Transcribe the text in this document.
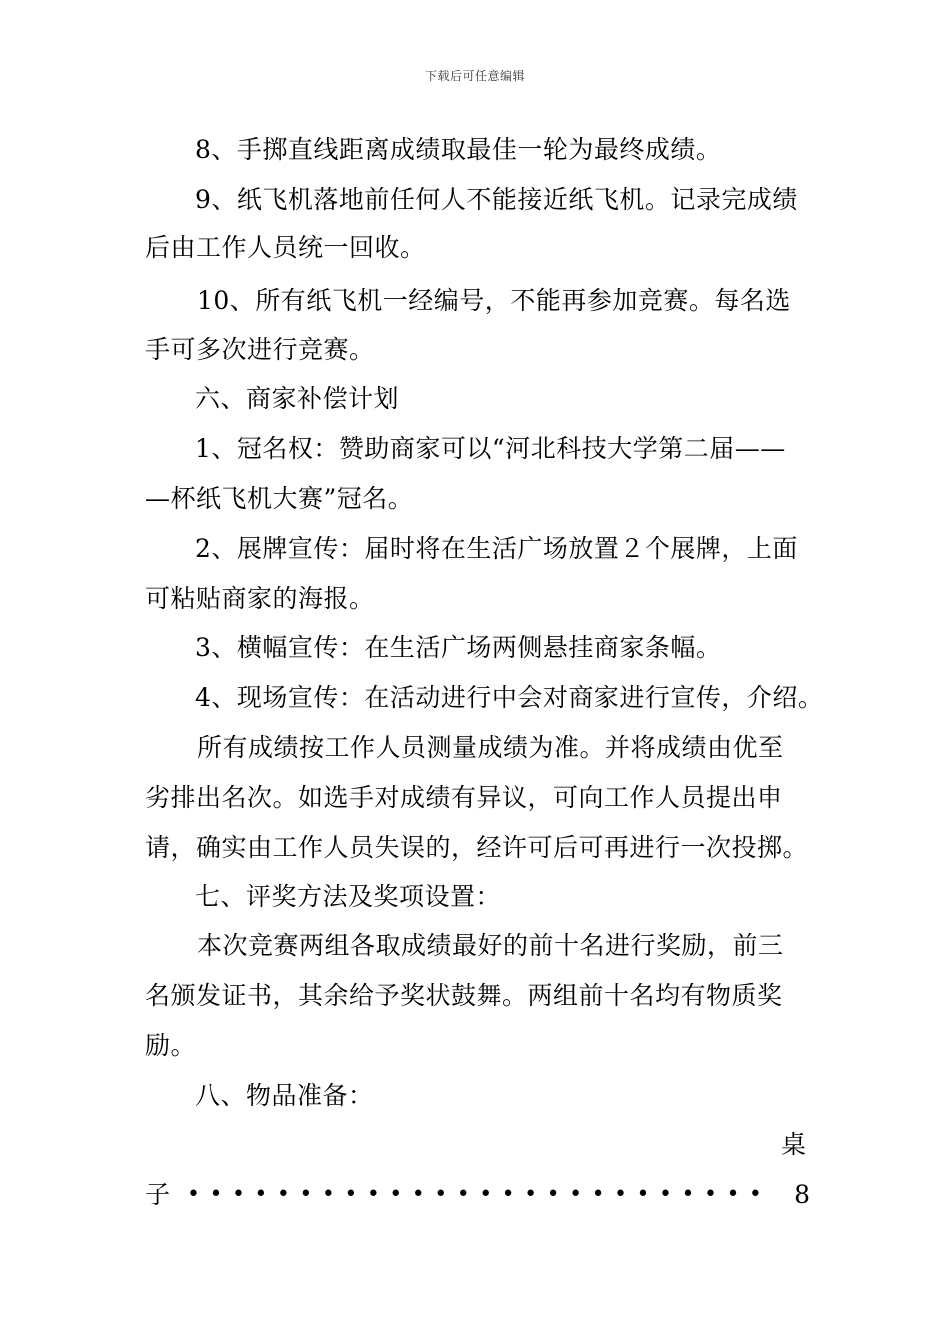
下载后可任意编辑
8、手掷直线距离成绩取最佳一轮为最终成绩。
9、纸飞机落地前任何人不能接近纸飞机。记录完成绩
后由工作人员统一回收。
10、所有纸飞机一经编号，不能再参加竞赛。每名选
手可多次进行竞赛。
六、商家补偿计划
1、冠名权：赞助商家可以“河北科技大学第二届——
—杯纸飞机大赛”冠名。
2、展牌宣传：届时将在生活广场放置２个展牌，上面
可粘贴商家的海报。
3、横幅宣传：在生活广场两侧悬挂商家条幅。
4、现场宣传：在活动进行中会对商家进行宣传，介绍。
所有成绩按工作人员测量成绩为准。并将成绩由优至
劣排出名次。如选手对成绩有异议，可向工作人员提出申
请，确实由工作人员失误的，经许可后可再进行一次投掷。
七、评奖方法及奖项设置：
本次竞赛两组各取成绩最好的前十名进行奖励，前三
名颁发证书，其余给予奖状鼓舞。两组前十名均有物质奖
励。
八、物品准备：
桌
子 •••••••••••••••••••••••••• 8
